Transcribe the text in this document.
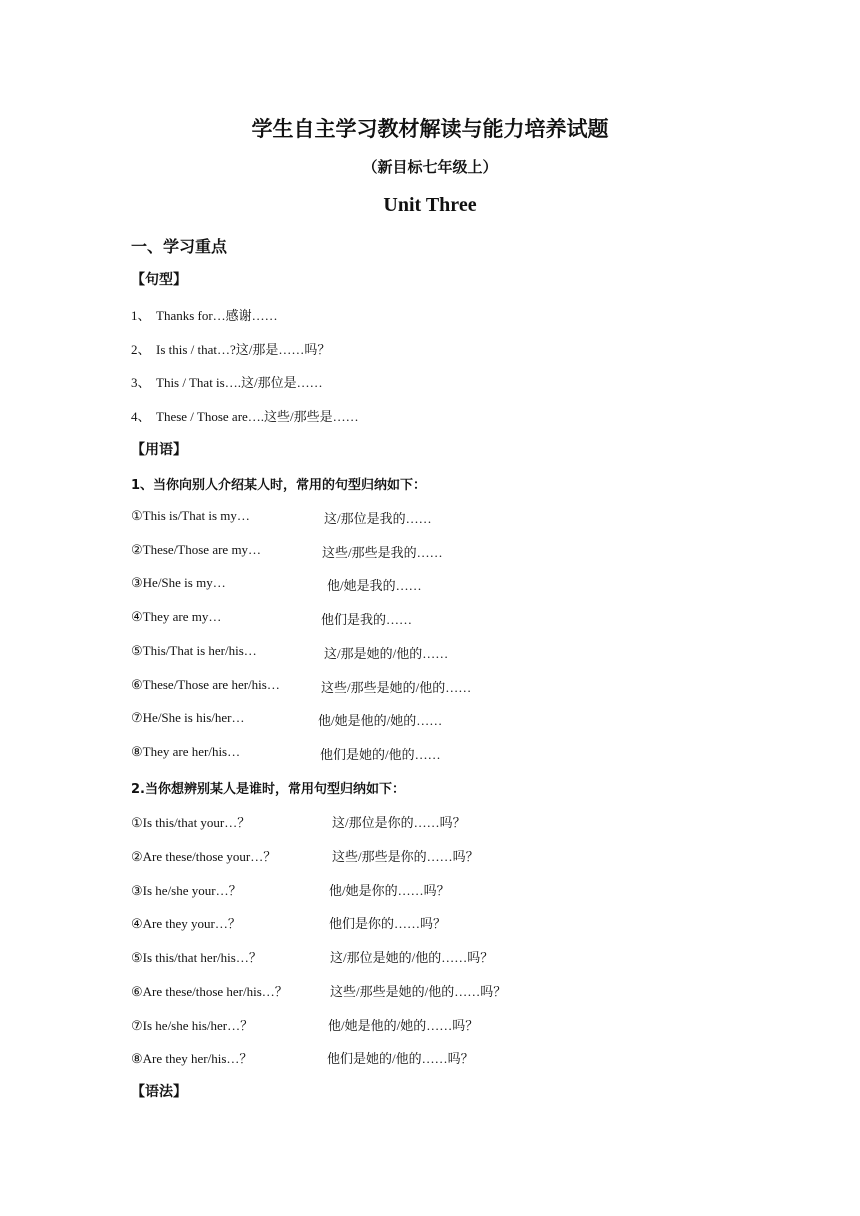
学生自主学习教材解读与能力培养试题
（新目标七年级上）
Unit Three
一、学习重点
【句型】
1、 Thanks for…感谢……
2、 Is this / that…?这/那是……吗？
3、 This / That is….这/那位是……
4、 These / Those are….这些/那些是……
【用语】
1、当你向别人介绍某人时，常用的句型归纳如下：
①This is/That is my…	这/那位是我的……
②These/Those are my…	这些/那些是我的……
③He/She is my…	他/她是我的……
④They are my…	他们是我的……
⑤This/That is her/his…	这/那是她的/他的……
⑥These/Those are her/his…	这些/那些是她的/他的……
⑦He/She is his/her…	他/她是他的/她的……
⑧They are her/his…	他们是她的/他的……
2.当你想辨别某人是谁时，常用句型归纳如下：
①Is this/that your…？	这/那位是你的……吗？
②Are these/those your…？	这些/那些是你的……吗？
③Is he/she your…？	他/她是你的……吗？
④Are they your…？	他们是你的……吗？
⑤Is this/that her/his…？	这/那位是她的/他的……吗？
⑥Are these/those her/his…？	这些/那些是她的/他的……吗？
⑦Is he/she his/her…？	他/她是他的/她的……吗？
⑧Are they her/his…？	他们是她的/他的……吗？
【语法】
